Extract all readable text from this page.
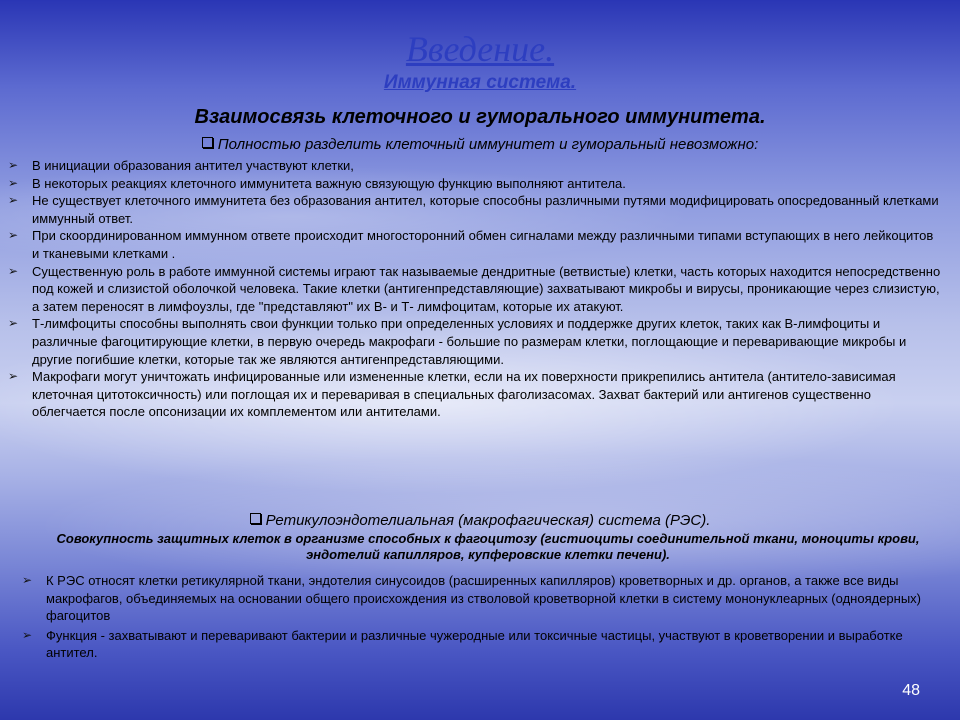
Введение.
Иммунная система.
Взаимосвязь клеточного и гуморального иммунитета.
Полностью разделить клеточный иммунитет и гуморальный невозможно:
➢ В инициации образования антител участвуют клетки,
➢ В некоторых реакциях клеточного иммунитета важную связующую функцию выполняют антитела.
➢ Не существует клеточного иммунитета без образования антител, которые способны различными путями модифицировать опосредованный клетками иммунный ответ.
➢ При скоординированном иммунном ответе происходит многосторонний обмен сигналами между различными типами вступающих в него лейкоцитов и тканевыми клетками .
➢ Существенную роль в работе иммунной системы играют так называемые дендритные (ветвистые) клетки, часть которых находится непосредственно под кожей и слизистой оболочкой человека. Такие клетки (антигенпредставляющие) захватывают микробы и вирусы, проникающие через слизистую, а затем переносят в лимфоузлы, где "представляют" их В- и Т- лимфоцитам, которые их атакуют.
➢ Т-лимфоциты способны выполнять свои функции только при определенных условиях и поддержке других клеток, таких как В-лимфоциты и различные фагоцитирующие клетки, в первую очередь макрофаги - большие по размерам клетки, поглощающие и переваривающие микробы и другие погибшие клетки, которые так же являются антигенпредставляющими.
➢ Макрофаги могут уничтожать инфицированные или измененные клетки, если на их поверхности прикрепились антитела (антитело-зависимая клеточная цитотоксичность) или поглощая их и переваривая в специальных фаголизасомах. Захват бактерий или антигенов существенно облегчается после опсонизации их комплементом или антителами.
Ретикулоэндотелиальная (макрофагическая) система (РЭС).

Совокупность защитных клеток в организме способных к фагоцитозу (гистиоциты соединительной ткани, моноциты крови, эндотелий капилляров, купферовские клетки печени).

➢ К РЭС относят клетки ретикулярной ткани, эндотелия синусоидов (расширенных капилляров) кроветворных и др. органов, а также все виды макрофагов, объединяемых на основании общего происхождения из стволовой кроветворной клетки в систему мононуклеарных (одноядерных) фагоцитов
➢ Функция - захватывают и переваривают бактерии и различные чужеродные или токсичные частицы, участвуют в кроветворении и выработке антител.
48
